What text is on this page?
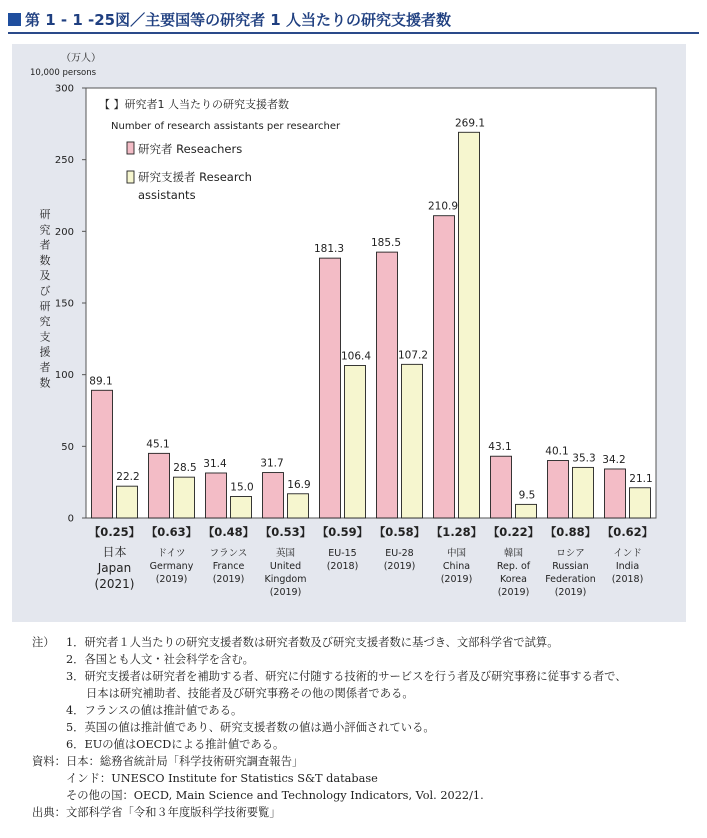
第 1 - 1 -25図／主要国等の研究者 1 人当たりの研究支援者数
0
50
100
150
200
250
300
（万人）
10,000 persons
研究者数及び研究支援者数	89.1
22.2
【0.25】
日本
Japan
(2021)
45.1
28.5
【0.63】
ドイツ
Germany
(2019)
31.4
15.0
【0.48】
フランス
France
(2019)
31.7
16.9
【0.53】
英国
United
Kingdom
(2019)
181.3
106.4
【0.59】
EU-15
(2018)
185.5
107.2
【0.58】
EU-28
(2019)
210.9
269.1
【1.28】
中国
China
(2019)
43.1
9.5
【0.22】
韓国
Rep. of
Korea
(2019)
40.1
35.3
【0.88】
ロシア
Russian
Federation
(2019)
34.2
21.1
【0.62】
インド
India
(2018)
【 】研究者1 人当たりの研究支援者数
Number of research assistants per researcher
研究者 Reseachers
研究支援者 Research
assistants
注）	1．研究者１人当たりの研究支援者数は研究者数及び研究支援者数に基づき、文部科学省で試算。
2．各国とも人文・社会科学を含む。
3．研究支援者は研究者を補助する者、研究に付随する技術的サービスを行う者及び研究事務に従事する者で、
日本は研究補助者、技能者及び研究事務その他の関係者である。
4．フランスの値は推計値である。
5．英国の値は推計値であり、研究支援者数の値は過小評価されている。
6．EUの値はOECDによる推計値である。
資料： 日本：総務省統計局「科学技術研究調査報告」
インド：UNESCO Institute for Statistics S&T database
その他の国：OECD, Main Science and Technology Indicators, Vol. 2022/1.
出典： 文部科学省「令和３年度版科学技術要覧」
